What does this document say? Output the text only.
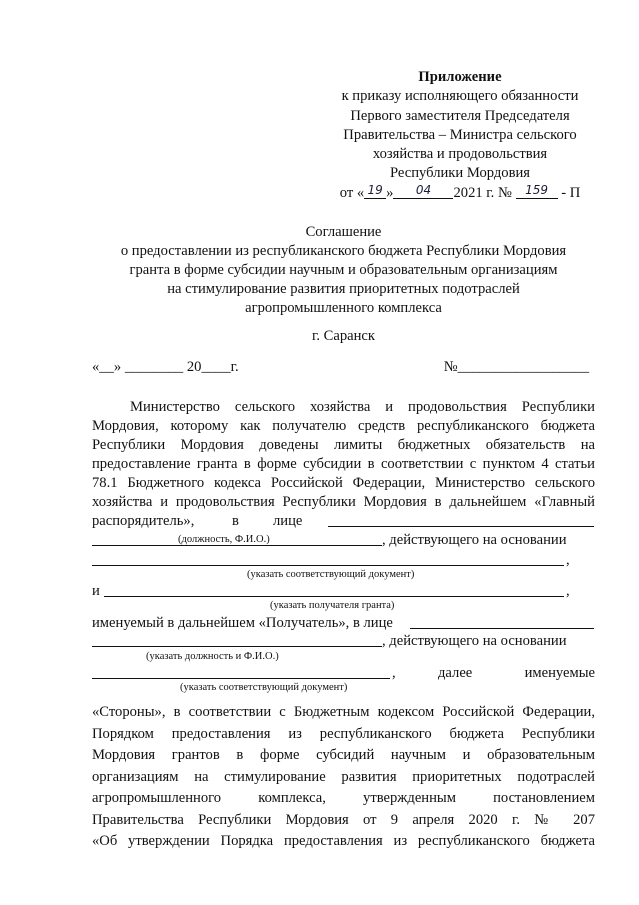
Приложение
к приказу исполняющего обязанности
Первого заместителя Председателя
Правительства – Министра сельского
хозяйства и продовольствия
Республики Мордовия
от « $^{19}$ » $^{04}$ 2021 г. № $^{159}$ - П
Соглашение
о предоставлении из республиканского бюджета Республики Мордовия
гранта в форме субсидии научным и образовательным организациям
на стимулирование развития приоритетных подотраслей
агропромышленного комплекса
г. Саранск
«__» ________ 20____г.	№__________________
Министерство сельского хозяйства и продовольствия Республики
Мордовия, которому как получателю средств республиканского бюджета
Республики Мордовия доведены лимиты бюджетных обязательств на
предоставление гранта в форме субсидии в соответствии с пунктом 4 статьи
78.1 Бюджетного кодекса Российской Федерации, Министерство сельского
хозяйства и продовольствия Республики Мордовия в дальнейшем «Главный
распорядитель»,	в лице
, действующего на основании
(должность, Ф.И.О.)
,
(указать соответствующий документ)
и	,
(указать получателя гранта)
именуемый в дальнейшем «Получатель», в лице
, действующего на основании
(указать должность и Ф.И.О.)
,	далее	именуемые
(указать соответствующий документ)
«Стороны», в соответствии с Бюджетным кодексом Российской Федерации,
Порядком предоставления из республиканского бюджета Республики
Мордовия грантов в форме субсидий научным и образовательным
организациям на стимулирование развития приоритетных подотраслей
агропромышленного комплекса, утвержденным постановлением
Правительства Республики Мордовия от 9 апреля 2020 г. № 207
«Об утверждении Порядка предоставления из республиканского бюджета
